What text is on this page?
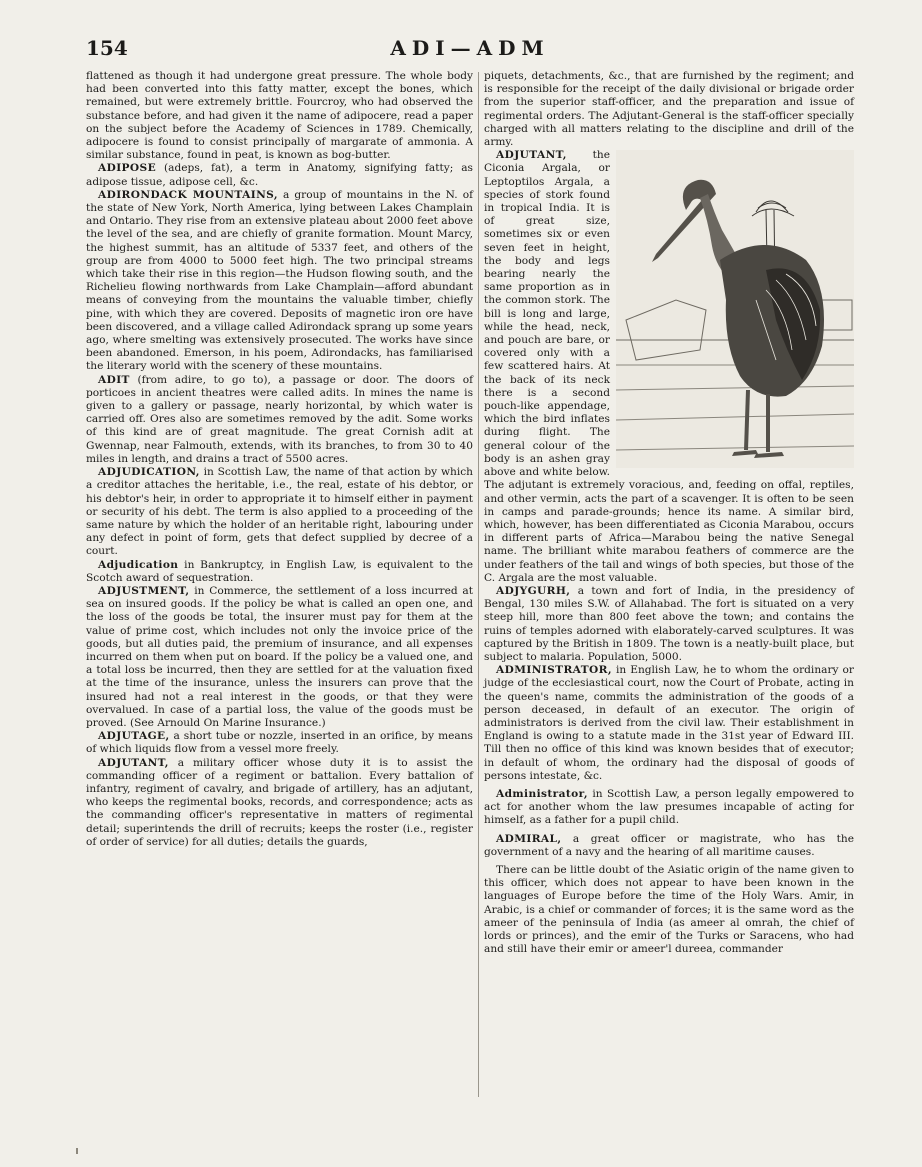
154	ADI—ADM

flattened as though it had undergone great pressure. The whole body had been converted into this fatty matter, except the bones, which remained, but were extremely brittle. Fourcroy, who had observed the substance before, and had given it the name of adipocere, read a paper on the subject before the Academy of Sciences in 1789. Chemically, adipocere is found to consist principally of margarate of ammonia. A similar substance, found in peat, is known as bog-butter.

ADIPOSE (adeps, fat), a term in Anatomy, signifying fatty; as adipose tissue, adipose cell, &c.

ADIRONDACK MOUNTAINS, a group of mountains in the N. of the state of New York, North America, lying between Lakes Champlain and Ontario. They rise from an extensive plateau about 2000 feet above the level of the sea, and are chiefly of granite formation. Mount Marcy, the highest summit, has an altitude of 5337 feet, and others of the group are from 4000 to 5000 feet high. The two principal streams which take their rise in this region—the Hudson flowing south, and the Richelieu flowing northwards from Lake Champlain—afford abundant means of conveying from the mountains the valuable timber, chiefly pine, with which they are covered. Deposits of magnetic iron ore have been discovered, and a village called Adirondack sprang up some years ago, where smelting was extensively prosecuted. The works have since been abandoned. Emerson, in his poem, Adirondacks, has familiarised the literary world with the scenery of these mountains.

ADIT (from adire, to go to), a passage or door. The doors of porticoes in ancient theatres were called adits. In mines the name is given to a gallery or passage, nearly horizontal, by which water is carried off. Ores also are sometimes removed by the adit. Some works of this kind are of great magnitude. The great Cornish adit at Gwennap, near Falmouth, extends, with its branches, to from 30 to 40 miles in length, and drains a tract of 5500 acres.

ADJUDICATION, in Scottish Law, the name of that action by which a creditor attaches the heritable, i.e., the real, estate of his debtor, or his debtor's heir, in order to appropriate it to himself either in payment or security of his debt. The term is also applied to a proceeding of the same nature by which the holder of an heritable right, labouring under any defect in point of form, gets that defect supplied by decree of a court.

Adjudication in Bankruptcy, in English Law, is equivalent to the Scotch award of sequestration.

ADJUSTMENT, in Commerce, the settlement of a loss incurred at sea on insured goods. If the policy be what is called an open one, and the loss of the goods be total, the insurer must pay for them at the value of prime cost, which includes not only the invoice price of the goods, but all duties paid, the premium of insurance, and all expenses incurred on them when put on board. If the policy be a valued one, and a total loss be incurred, then they are settled for at the valuation fixed at the time of the insurance, unless the insurers can prove that the insured had not a real interest in the goods, or that they were overvalued. In case of a partial loss, the value of the goods must be proved. (See Arnould On Marine Insurance.)

ADJUTAGE, a short tube or nozzle, inserted in an orifice, by means of which liquids flow from a vessel more freely.

ADJUTANT, a military officer whose duty it is to assist the commanding officer of a regiment or battalion. Every battalion of infantry, regiment of cavalry, and brigade of artillery, has an adjutant, who keeps the regimental books, records, and correspondence; acts as the commanding officer's representative in matters of regimental detail; superintends the drill of recruits; keeps the roster (i.e., register of order of service) for all duties; details the guards,

piquets, detachments, &c., that are furnished by the regiment; and is responsible for the receipt of the daily divisional or brigade order from the superior staff-officer, and the preparation and issue of regimental orders. The Adjutant-General is the staff-officer specially charged with all matters relating to the discipline and drill of the army.

ADJUTANT, the Ciconia Argala, or Leptoptilos Argala, a species of stork found in tropical India. It is of great size, sometimes six or even seven feet in height, the body and legs bearing nearly the same proportion as in the common stork. The bill is long and large, while the head, neck, and pouch are bare, or covered only with a few scattered hairs. At the back of its neck there is a second pouch-like appendage, which the bird inflates during flight. The general colour of the body is an ashen gray above and white below. The adjutant is extremely voracious, and, feeding on offal, reptiles, and other vermin, acts the part of a scavenger. It is often to be seen in camps and parade-grounds; hence its name. A similar bird, which, however, has been differentiated as Ciconia Marabou, occurs in different parts of Africa—Marabou being the native Senegal name. The brilliant white marabou feathers of commerce are the under feathers of the tail and wings of both species, but those of the C. Argala are the most valuable.

ADJYGURH, a town and fort of India, in the presidency of Bengal, 130 miles S.W. of Allahabad. The fort is situated on a very steep hill, more than 800 feet above the town; and contains the ruins of temples adorned with elaborately-carved sculptures. It was captured by the British in 1809. The town is a neatly-built place, but subject to malaria. Population, 5000.

ADMINISTRATOR, in English Law, he to whom the ordinary or judge of the ecclesiastical court, now the Court of Probate, acting in the queen's name, commits the administration of the goods of a person deceased, in default of an executor. The origin of administrators is derived from the civil law. Their establishment in England is owing to a statute made in the 31st year of Edward III. Till then no office of this kind was known besides that of executor; in default of whom, the ordinary had the disposal of goods of persons intestate, &c.

Administrator, in Scottish Law, a person legally empowered to act for another whom the law presumes incapable of acting for himself, as a father for a pupil child.

ADMIRAL, a great officer or magistrate, who has the government of a navy and the hearing of all maritime causes.

There can be little doubt of the Asiatic origin of the name given to this officer, which does not appear to have been known in the languages of Europe before the time of the Holy Wars. Amir, in Arabic, is a chief or commander of forces; it is the same word as the ameer of the peninsula of India (as ameer al omrah, the chief of lords or princes), and the emir of the Turks or Saracens, who had and still have their emir or ameer'l dureea, commander
